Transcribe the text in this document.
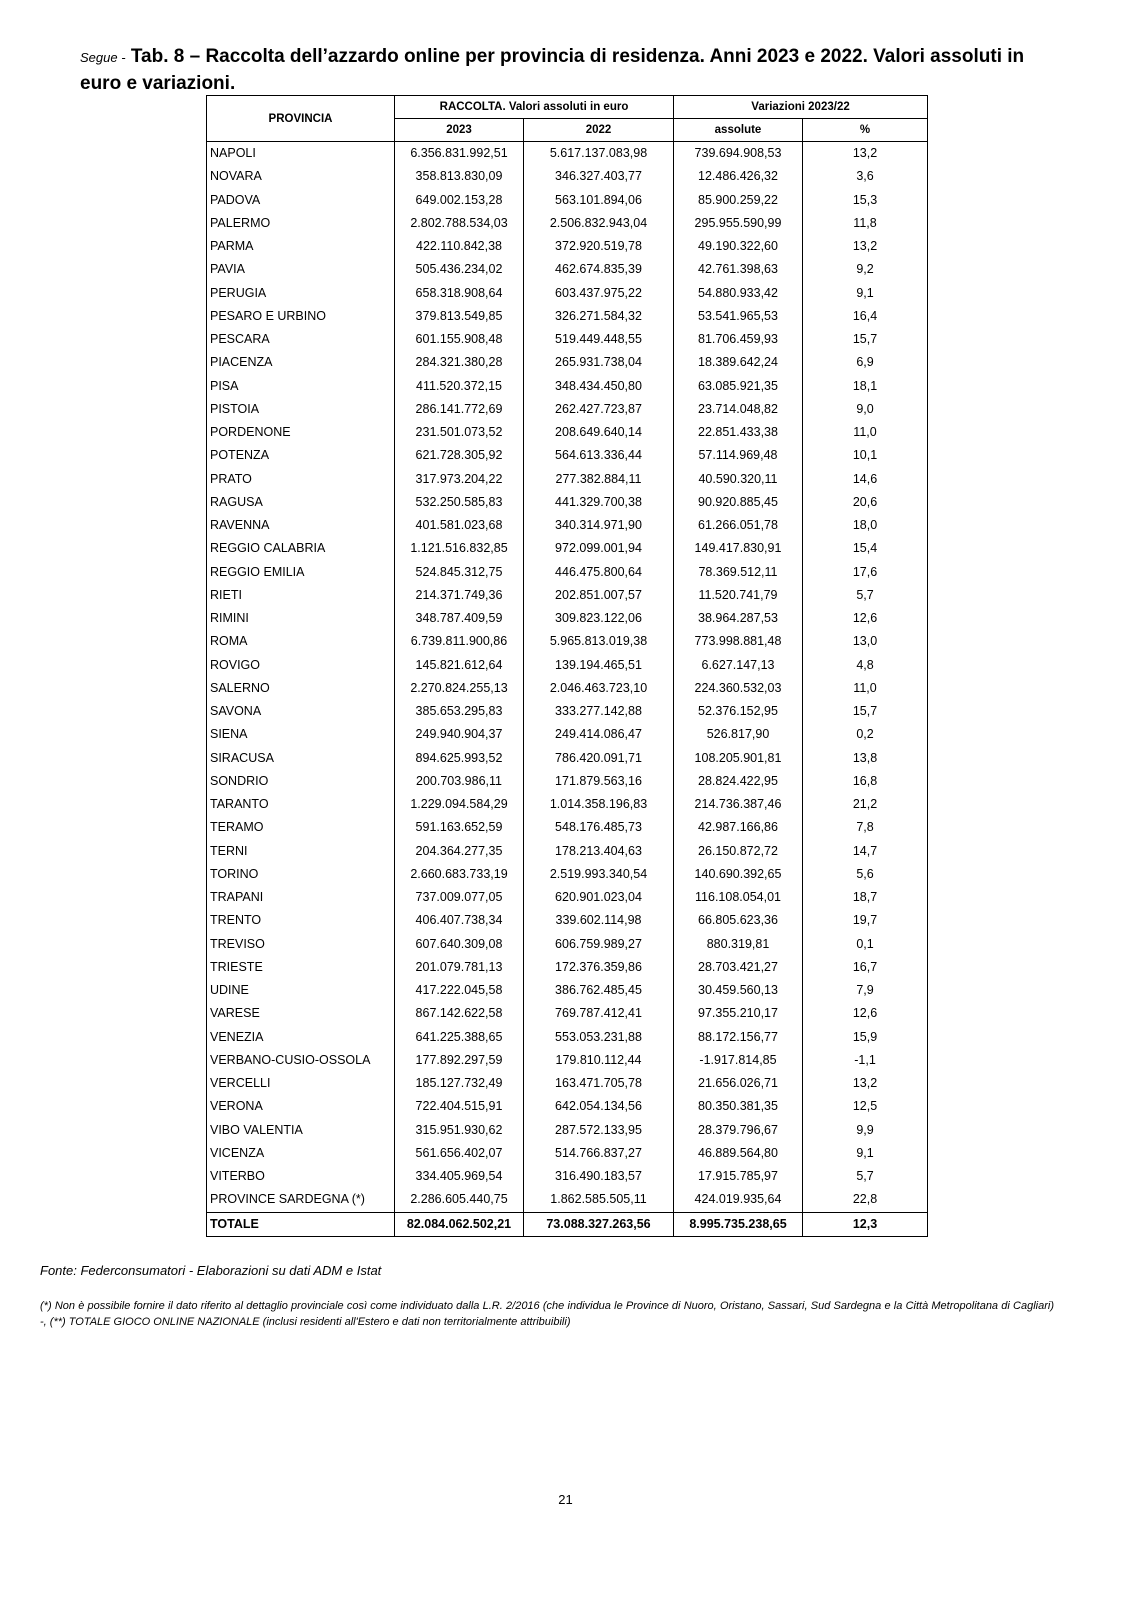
Segue - Tab. 8 – Raccolta dell’azzardo online per provincia di residenza. Anni 2023 e 2022. Valori assoluti in euro e variazioni.
PROVINCIA	RACCOLTA. Valori assoluti in euro		Variazioni 2023/22	
	2023	2022	assolute	%
NAPOLI	6.356.831.992,51	5.617.137.083,98	739.694.908,53	13,2
NOVARA	358.813.830,09	346.327.403,77	12.486.426,32	3,6
PADOVA	649.002.153,28	563.101.894,06	85.900.259,22	15,3
PALERMO	2.802.788.534,03	2.506.832.943,04	295.955.590,99	11,8
PARMA	422.110.842,38	372.920.519,78	49.190.322,60	13,2
PAVIA	505.436.234,02	462.674.835,39	42.761.398,63	9,2
PERUGIA	658.318.908,64	603.437.975,22	54.880.933,42	9,1
PESARO E URBINO	379.813.549,85	326.271.584,32	53.541.965,53	16,4
PESCARA	601.155.908,48	519.449.448,55	81.706.459,93	15,7
PIACENZA	284.321.380,28	265.931.738,04	18.389.642,24	6,9
PISA	411.520.372,15	348.434.450,80	63.085.921,35	18,1
PISTOIA	286.141.772,69	262.427.723,87	23.714.048,82	9,0
PORDENONE	231.501.073,52	208.649.640,14	22.851.433,38	11,0
POTENZA	621.728.305,92	564.613.336,44	57.114.969,48	10,1
PRATO	317.973.204,22	277.382.884,11	40.590.320,11	14,6
RAGUSA	532.250.585,83	441.329.700,38	90.920.885,45	20,6
RAVENNA	401.581.023,68	340.314.971,90	61.266.051,78	18,0
REGGIO CALABRIA	1.121.516.832,85	972.099.001,94	149.417.830,91	15,4
REGGIO EMILIA	524.845.312,75	446.475.800,64	78.369.512,11	17,6
RIETI	214.371.749,36	202.851.007,57	11.520.741,79	5,7
RIMINI	348.787.409,59	309.823.122,06	38.964.287,53	12,6
ROMA	6.739.811.900,86	5.965.813.019,38	773.998.881,48	13,0
ROVIGO	145.821.612,64	139.194.465,51	6.627.147,13	4,8
SALERNO	2.270.824.255,13	2.046.463.723,10	224.360.532,03	11,0
SAVONA	385.653.295,83	333.277.142,88	52.376.152,95	15,7
SIENA	249.940.904,37	249.414.086,47	526.817,90	0,2
SIRACUSA	894.625.993,52	786.420.091,71	108.205.901,81	13,8
SONDRIO	200.703.986,11	171.879.563,16	28.824.422,95	16,8
TARANTO	1.229.094.584,29	1.014.358.196,83	214.736.387,46	21,2
TERAMO	591.163.652,59	548.176.485,73	42.987.166,86	7,8
TERNI	204.364.277,35	178.213.404,63	26.150.872,72	14,7
TORINO	2.660.683.733,19	2.519.993.340,54	140.690.392,65	5,6
TRAPANI	737.009.077,05	620.901.023,04	116.108.054,01	18,7
TRENTO	406.407.738,34	339.602.114,98	66.805.623,36	19,7
TREVISO	607.640.309,08	606.759.989,27	880.319,81	0,1
TRIESTE	201.079.781,13	172.376.359,86	28.703.421,27	16,7
UDINE	417.222.045,58	386.762.485,45	30.459.560,13	7,9
VARESE	867.142.622,58	769.787.412,41	97.355.210,17	12,6
VENEZIA	641.225.388,65	553.053.231,88	88.172.156,77	15,9
VERBANO-CUSIO-OSSOLA	177.892.297,59	179.810.112,44	-1.917.814,85	-1,1
VERCELLI	185.127.732,49	163.471.705,78	21.656.026,71	13,2
VERONA	722.404.515,91	642.054.134,56	80.350.381,35	12,5
VIBO VALENTIA	315.951.930,62	287.572.133,95	28.379.796,67	9,9
VICENZA	561.656.402,07	514.766.837,27	46.889.564,80	9,1
VITERBO	334.405.969,54	316.490.183,57	17.915.785,97	5,7
PROVINCE SARDEGNA (*)	2.286.605.440,75	1.862.585.505,11	424.019.935,64	22,8
TOTALE	82.084.062.502,21	73.088.327.263,56	8.995.735.238,65	12,3
Fonte: Federconsumatori - Elaborazioni su dati ADM e Istat
(*) Non è possibile fornire il dato riferito al dettaglio provinciale così come individuato dalla L.R. 2/2016 (che individua le Province di Nuoro, Oristano, Sassari, Sud Sardegna e la Città Metropolitana di Cagliari) -, (**) TOTALE GIOCO ONLINE NAZIONALE (inclusi residenti all'Estero e dati non territorialmente attribuibili)
21
